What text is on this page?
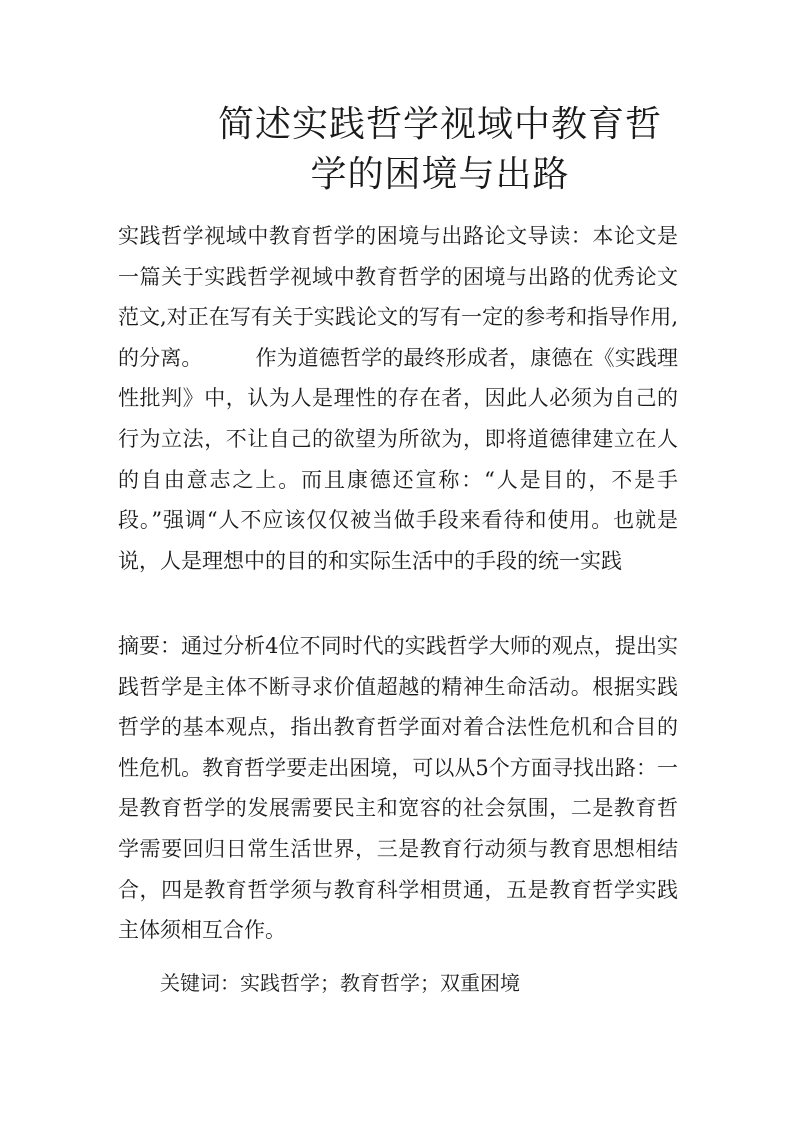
简述实践哲学视域中教育哲学的困境与出路

实践哲学视域中教育哲学的困境与出路论文导读：本论文是一篇关于实践哲学视域中教育哲学的困境与出路的优秀论文范文,对正在写有关于实践论文的写有一定的参考和指导作用,的分离。　　　作为道德哲学的最终形成者，康德在《实践理性批判》中，认为人是理性的存在者，因此人必须为自己的行为立法，不让自己的欲望为所欲为，即将道德律建立在人的自由意志之上。而且康德还宣称：“人是目的，不是手段。”强调“人不应该仅仅被当做手段来看待和使用。也就是说，人是理想中的目的和实际生活中的手段的统一实践

摘要：通过分析4位不同时代的实践哲学大师的观点，提出实践哲学是主体不断寻求价值超越的精神生命活动。根据实践哲学的基本观点，指出教育哲学面对着合法性危机和合目的性危机。教育哲学要走出困境，可以从5个方面寻找出路：一是教育哲学的发展需要民主和宽容的社会氛围，二是教育哲学需要回归日常生活世界，三是教育行动须与教育思想相结合，四是教育哲学须与教育科学相贯通，五是教育哲学实践主体须相互合作。

关键词：实践哲学；教育哲学；双重困境
